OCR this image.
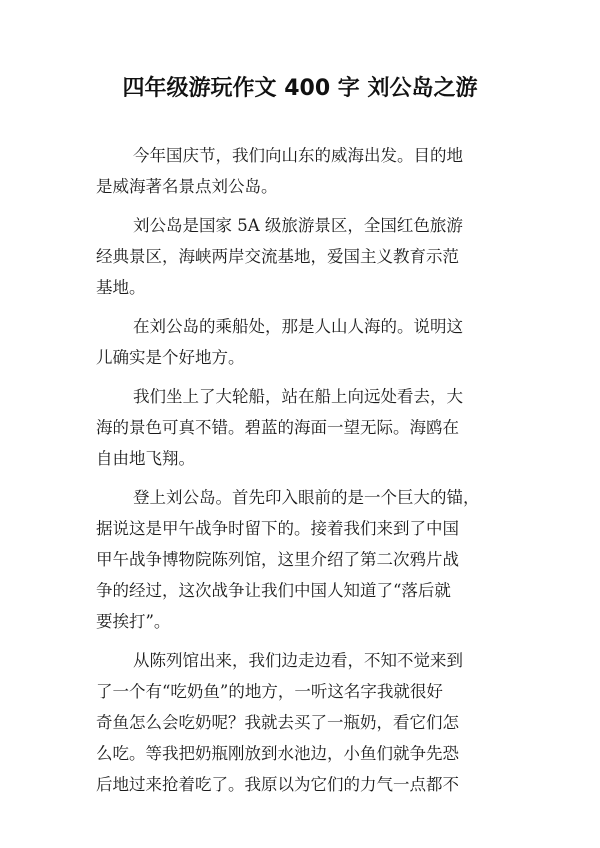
四年级游玩作文 400 字 刘公岛之游
今年国庆节，我们向山东的威海出发。目的地
是威海著名景点刘公岛。
刘公岛是国家 5A 级旅游景区，全国红色旅游
经典景区，海峡两岸交流基地，爱国主义教育示范
基地。
在刘公岛的乘船处，那是人山人海的。说明这
儿确实是个好地方。
我们坐上了大轮船，站在船上向远处看去，大
海的景色可真不错。碧蓝的海面一望无际。海鸥在
自由地飞翔。
登上刘公岛。首先印入眼前的是一个巨大的锚，
据说这是甲午战争时留下的。接着我们来到了中国
甲午战争博物院陈列馆，这里介绍了第二次鸦片战
争的经过，这次战争让我们中国人知道了“落后就
要挨打”。
从陈列馆出来，我们边走边看，不知不觉来到
了一个有“吃奶鱼”的地方，一听这名字我就很好
奇鱼怎么会吃奶呢？我就去买了一瓶奶，看它们怎
么吃。等我把奶瓶刚放到水池边，小鱼们就争先恐
后地过来抢着吃了。我原以为它们的力气一点都不
